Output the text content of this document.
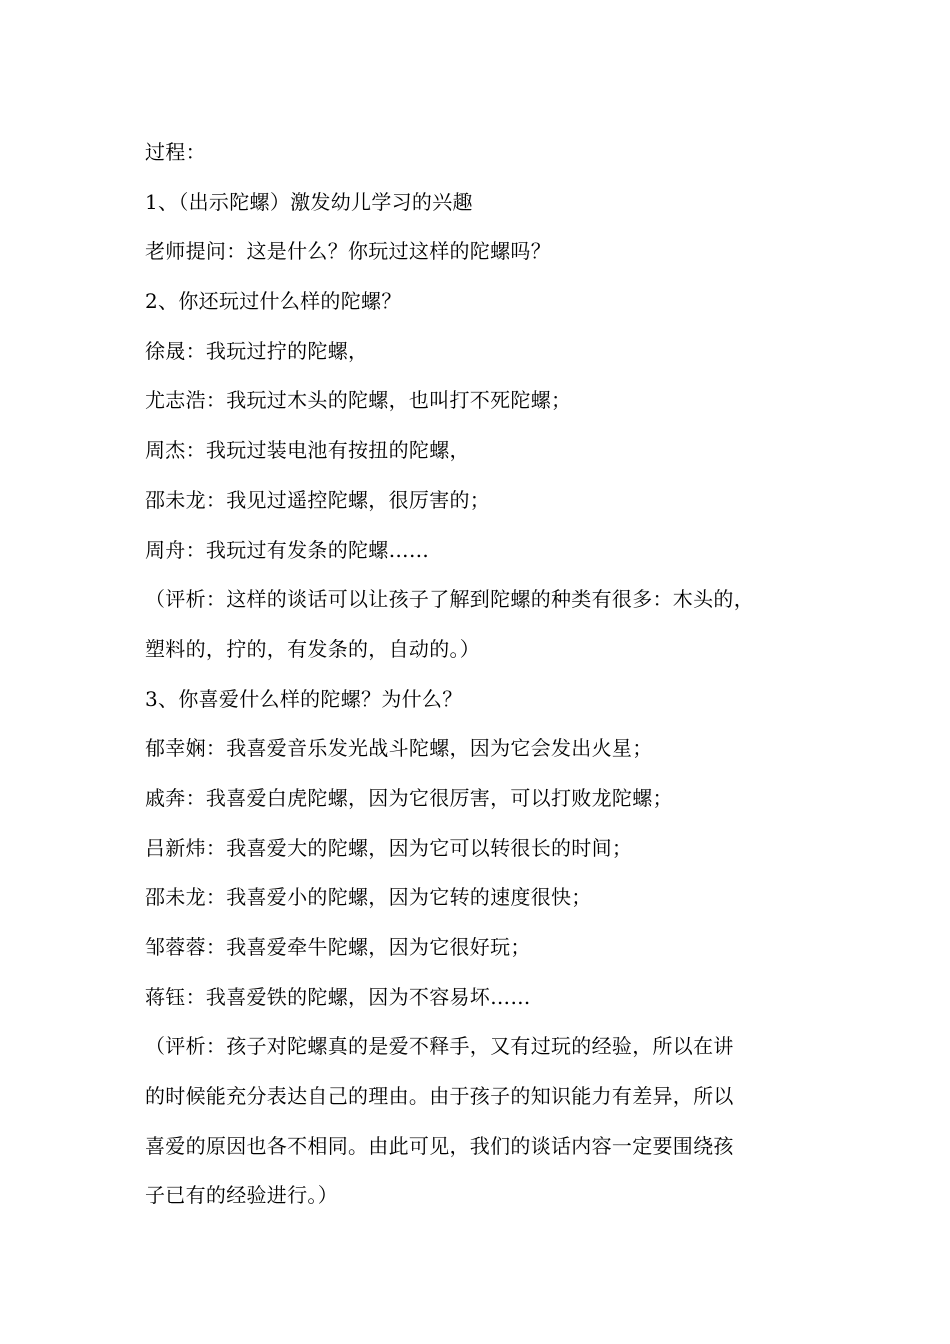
过程：
1、（出示陀螺）激发幼儿学习的兴趣
老师提问：这是什么？你玩过这样的陀螺吗？
2、你还玩过什么样的陀螺？
徐晟：我玩过拧的陀螺，
尤志浩：我玩过木头的陀螺，也叫打不死陀螺；
周杰：我玩过装电池有按扭的陀螺，
邵未龙：我见过遥控陀螺，很厉害的；
周舟：我玩过有发条的陀螺……
（评析：这样的谈话可以让孩子了解到陀螺的种类有很多：木头的，
塑料的，拧的，有发条的，自动的。）
3、你喜爱什么样的陀螺？为什么？
郁幸娴：我喜爱音乐发光战斗陀螺，因为它会发出火星；
戚奔：我喜爱白虎陀螺，因为它很厉害，可以打败龙陀螺；
吕新炜：我喜爱大的陀螺，因为它可以转很长的时间；
邵未龙：我喜爱小的陀螺，因为它转的速度很快；
邹蓉蓉：我喜爱牵牛陀螺，因为它很好玩；
蒋钰：我喜爱铁的陀螺，因为不容易坏……
（评析：孩子对陀螺真的是爱不释手，又有过玩的经验，所以在讲
的时候能充分表达自己的理由。由于孩子的知识能力有差异，所以
喜爱的原因也各不相同。由此可见，我们的谈话内容一定要围绕孩
子已有的经验进行。）
